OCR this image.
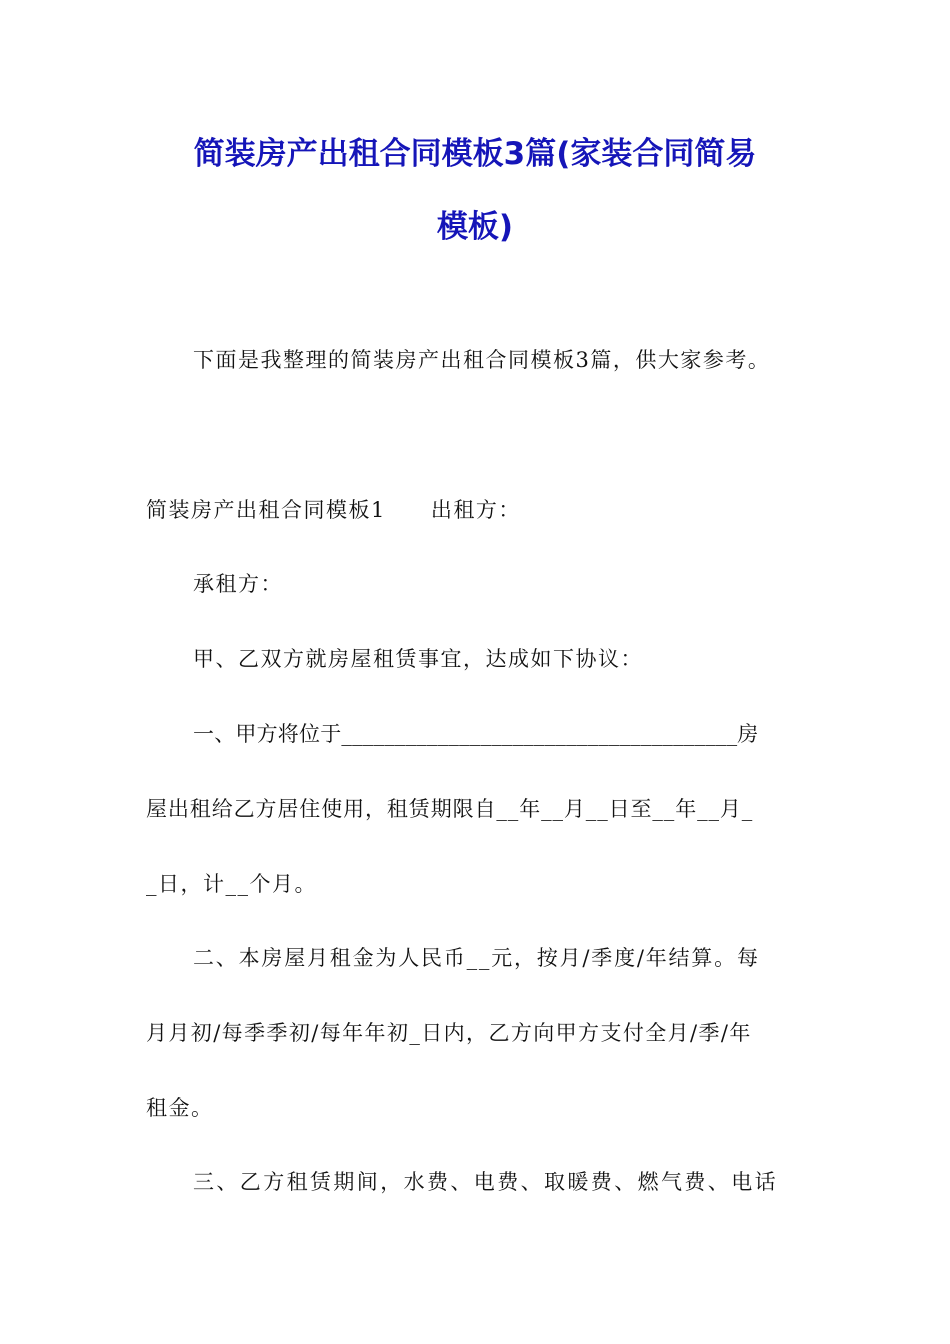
简装房产出租合同模板3篇(家装合同简易
模板)
下面是我整理的简装房产出租合同模板3篇，供大家参考。
简装房产出租合同模板1　　出租方：
承租方：
甲、乙双方就房屋租赁事宜，达成如下协议：
一、甲方将位于_____________________________________房
屋出租给乙方居住使用，租赁期限自__年__月__日至__年__月_
_日，计__个月。
二、本房屋月租金为人民币__元，按月/季度/年结算。每
月月初/每季季初/每年年初_日内，乙方向甲方支付全月/季/年
租金。
三、乙方租赁期间，水费、电费、取暖费、燃气费、电话
